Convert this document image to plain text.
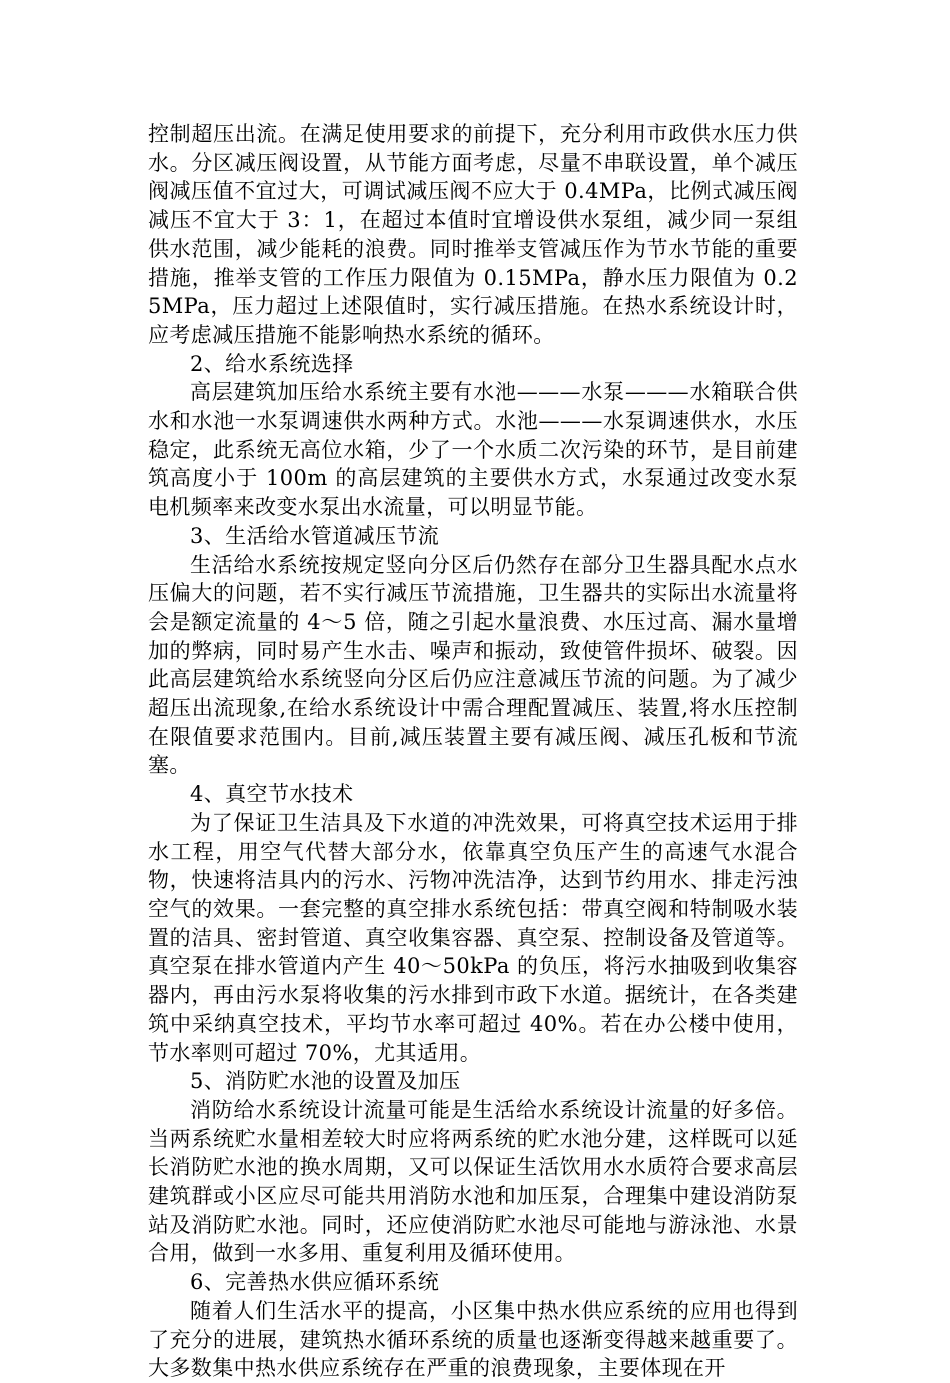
控制超压出流。在满足使用要求的前提下，充分利用市政供水压力供水。分区减压阀设置，从节能方面考虑，尽量不串联设置，单个减压阀减压值不宜过大，可调试减压阀不应大于 0.4MPa，比例式减压阀减压不宜大于 3：1，在超过本值时宜增设供水泵组，减少同一泵组供水范围，减少能耗的浪费。同时推举支管减压作为节水节能的重要措施，推举支管的工作压力限值为 0.15MPa，静水压力限值为 0.25MPa，压力超过上述限值时，实行减压措施。在热水系统设计时，应考虑减压措施不能影响热水系统的循环。

2、给水系统选择

高层建筑加压给水系统主要有水池———水泵———水箱联合供水和水池一水泵调速供水两种方式。水池———水泵调速供水，水压稳定，此系统无高位水箱，少了一个水质二次污染的环节，是目前建筑高度小于 100m 的高层建筑的主要供水方式，水泵通过改变水泵电机频率来改变水泵出水流量，可以明显节能。

3、生活给水管道减压节流

生活给水系统按规定竖向分区后仍然存在部分卫生器具配水点水压偏大的问题，若不实行减压节流措施，卫生器共的实际出水流量将会是额定流量的 4～5 倍，随之引起水量浪费、水压过高、漏水量增加的弊病，同时易产生水击、噪声和振动，致使管件损坏、破裂。因此高层建筑给水系统竖向分区后仍应注意减压节流的问题。为了减少超压出流现象,在给水系统设计中需合理配置减压、装置,将水压控制在限值要求范围内。目前,减压装置主要有减压阀、减压孔板和节流塞。

4、真空节水技术

为了保证卫生洁具及下水道的冲洗效果，可将真空技术运用于排水工程，用空气代替大部分水，依靠真空负压产生的高速气水混合物，快速将洁具内的污水、污物冲洗洁净，达到节约用水、排走污浊空气的效果。一套完整的真空排水系统包括：带真空阀和特制吸水装置的洁具、密封管道、真空收集容器、真空泵、控制设备及管道等。真空泵在排水管道内产生 40～50kPa 的负压，将污水抽吸到收集容器内，再由污水泵将收集的污水排到市政下水道。据统计，在各类建筑中采纳真空技术，平均节水率可超过 40%。若在办公楼中使用，节水率则可超过 70%，尤其适用。

5、消防贮水池的设置及加压

消防给水系统设计流量可能是生活给水系统设计流量的好多倍。当两系统贮水量相差较大时应将两系统的贮水池分建，这样既可以延长消防贮水池的换水周期，又可以保证生活饮用水水质符合要求高层建筑群或小区应尽可能共用消防水池和加压泵，合理集中建设消防泵站及消防贮水池。同时，还应使消防贮水池尽可能地与游泳池、水景合用，做到一水多用、重复利用及循环使用。

6、完善热水供应循环系统

随着人们生活水平的提高，小区集中热水供应系统的应用也得到了充分的进展，建筑热水循环系统的质量也逐渐变得越来越重要了。大多数集中热水供应系统存在严重的浪费现象，主要体现在开
